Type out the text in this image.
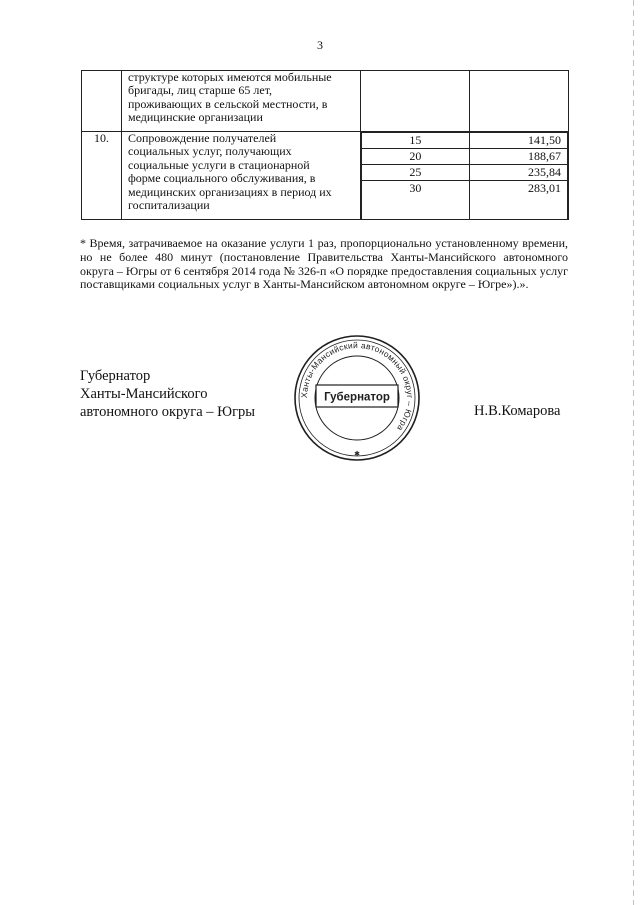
3

структуре которых имеются мобильные
бригады, лиц старше 65 лет,
проживающих в сельской местности, в
медицинские организации

10.	Сопровождение получателей
социальных услуг, получающих
социальные услуги в стационарной
форме социального обслуживания, в
медицинских организациях в период их
госпитализации

15	141,50
20	188,67
25	235,84
30	283,01

* Время, затрачиваемое на оказание услуги 1 раз, пропорционально установленному времени, но не более 480 минут (постановление Правительства Ханты-Мансийского автономного округа – Югры от 6 сентября 2014 года № 326-п «О порядке предоставления социальных услуг поставщиками социальных услуг в Ханты-Мансийском автономном округе – Югре»).».

Губернатор
Ханты-Мансийского
автономного округа – Югры
Ханты-Мансийский автономный округ – Югра
Губернатор
✱
Н.В.Комарова
